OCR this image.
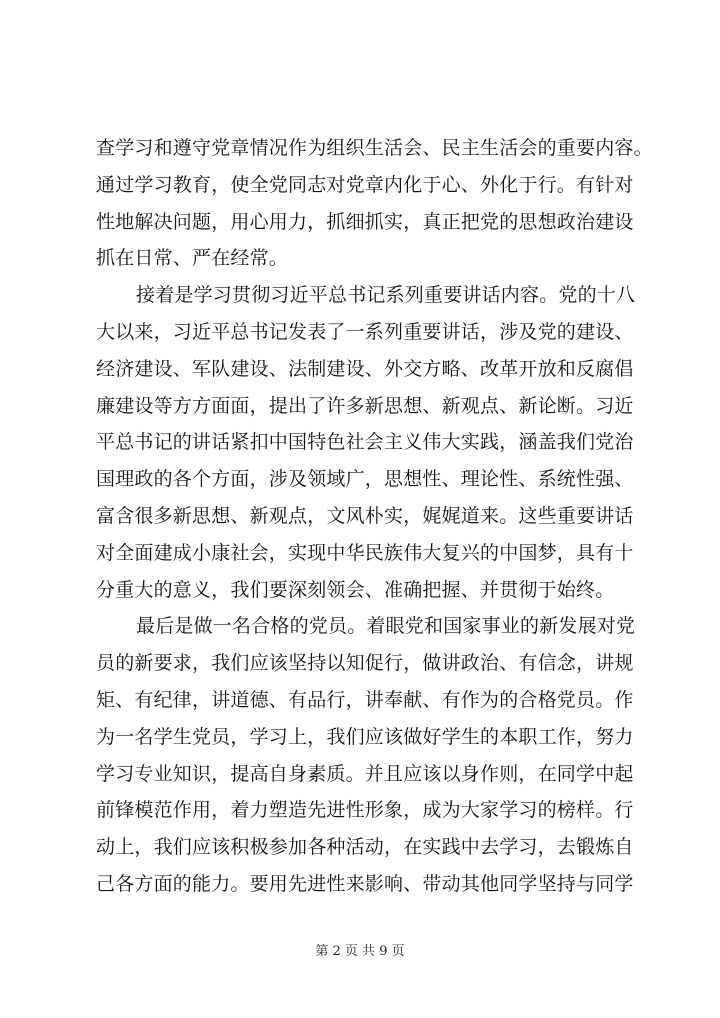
查学习和遵守党章情况作为组织生活会、民主生活会的重要内容。
通过学习教育，使全党同志对党章内化于心、外化于行。有针对
性地解决问题，用心用力，抓细抓实，真正把党的思想政治建设
抓在日常、严在经常。
接着是学习贯彻习近平总书记系列重要讲话内容。党的十八
大以来，习近平总书记发表了一系列重要讲话，涉及党的建设、
经济建设、军队建设、法制建设、外交方略、改革开放和反腐倡
廉建设等方方面面，提出了许多新思想、新观点、新论断。习近
平总书记的讲话紧扣中国特色社会主义伟大实践，涵盖我们党治
国理政的各个方面，涉及领域广，思想性、理论性、系统性强、
富含很多新思想、新观点，文风朴实，娓娓道来。这些重要讲话
对全面建成小康社会，实现中华民族伟大复兴的中国梦，具有十
分重大的意义，我们要深刻领会、准确把握、并贯彻于始终。
最后是做一名合格的党员。着眼党和国家事业的新发展对党
员的新要求，我们应该坚持以知促行，做讲政治、有信念，讲规
矩、有纪律，讲道德、有品行，讲奉献、有作为的合格党员。作
为一名学生党员，学习上，我们应该做好学生的本职工作，努力
学习专业知识，提高自身素质。并且应该以身作则，在同学中起
前锋模范作用，着力塑造先进性形象，成为大家学习的榜样。行
动上，我们应该积极参加各种活动，在实践中去学习，去锻炼自
己各方面的能力。要用先进性来影响、带动其他同学坚持与同学
第 2 页 共 9 页
